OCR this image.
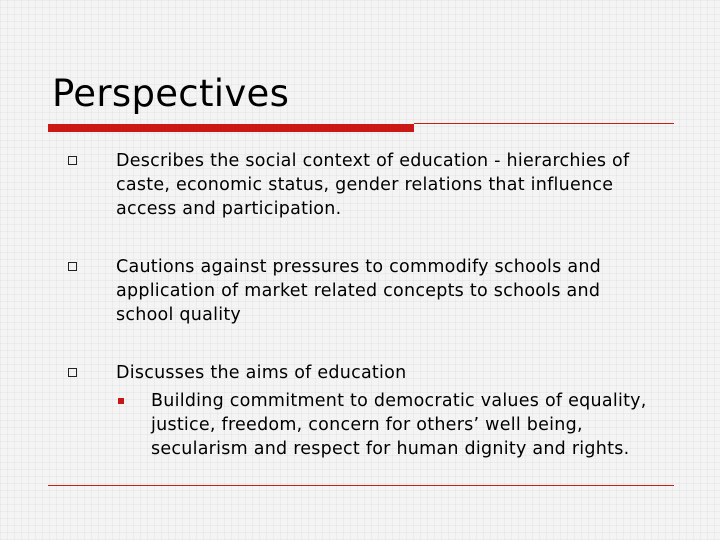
Perspectives
Describes the social context of education - hierarchies of
caste, economic status, gender relations that influence
access and participation.
Cautions against pressures to commodify schools and
application of market related concepts to schools and
school quality
Discusses the aims of education
Building commitment to democratic values of equality,
justice, freedom, concern for others’ well being,
secularism and respect for human dignity and rights.
